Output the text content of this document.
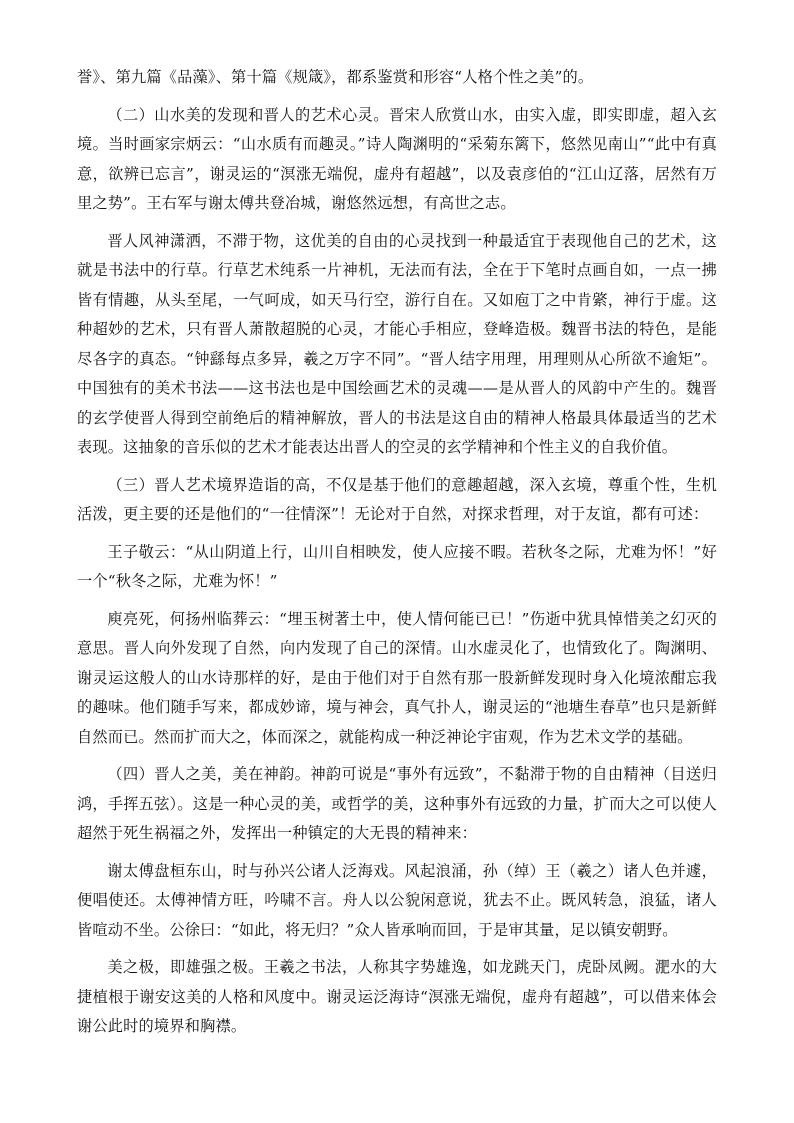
誉》、第九篇《品藻》、第十篇《规箴》，都系鉴赏和形容“人格个性之美”的。

（二）山水美的发现和晋人的艺术心灵。晋宋人欣赏山水，由实入虚，即实即虚，超入玄境。当时画家宗炳云：“山水质有而趣灵。”诗人陶渊明的“采菊东篱下，悠然见南山”“此中有真意，欲辨已忘言”，谢灵运的“溟涨无端倪，虚舟有超越”，以及袁彦伯的“江山辽落，居然有万里之势”。王右军与谢太傅共登冶城，谢悠然远想，有高世之志。

晋人风神潇洒，不滞于物，这优美的自由的心灵找到一种最适宜于表现他自己的艺术，这就是书法中的行草。行草艺术纯系一片神机，无法而有法，全在于下笔时点画自如，一点一拂皆有情趣，从头至尾，一气呵成，如天马行空，游行自在。又如庖丁之中肯綮，神行于虚。这种超妙的艺术，只有晋人萧散超脱的心灵，才能心手相应，登峰造极。魏晋书法的特色，是能尽各字的真态。“钟繇每点多异，羲之万字不同”。“晋人结字用理，用理则从心所欲不逾矩”。中国独有的美术书法——这书法也是中国绘画艺术的灵魂——是从晋人的风韵中产生的。魏晋的玄学使晋人得到空前绝后的精神解放，晋人的书法是这自由的精神人格最具体最适当的艺术表现。这抽象的音乐似的艺术才能表达出晋人的空灵的玄学精神和个性主义的自我价值。

（三）晋人艺术境界造诣的高，不仅是基于他们的意趣超越，深入玄境，尊重个性，生机活泼，更主要的还是他们的“一往情深”！无论对于自然，对探求哲理，对于友谊，都有可述：

王子敬云：“从山阴道上行，山川自相映发，使人应接不暇。若秋冬之际，尤难为怀！”好一个“秋冬之际，尤难为怀！”

庾亮死，何扬州临葬云：“埋玉树著土中，使人情何能已已！”伤逝中犹具悼惜美之幻灭的意思。晋人向外发现了自然，向内发现了自己的深情。山水虚灵化了，也情致化了。陶渊明、谢灵运这般人的山水诗那样的好，是由于他们对于自然有那一股新鲜发现时身入化境浓酣忘我的趣味。他们随手写来，都成妙谛，境与神会，真气扑人，谢灵运的“池塘生春草”也只是新鲜自然而已。然而扩而大之，体而深之，就能构成一种泛神论宇宙观，作为艺术文学的基础。

（四）晋人之美，美在神韵。神韵可说是“事外有远致”，不黏滞于物的自由精神（目送归鸿，手挥五弦）。这是一种心灵的美，或哲学的美，这种事外有远致的力量，扩而大之可以使人超然于死生祸福之外，发挥出一种镇定的大无畏的精神来：

谢太傅盘桓东山，时与孙兴公诸人泛海戏。风起浪涌，孙（绰）王（羲之）诸人色并遽，便唱使还。太傅神情方旺，吟啸不言。舟人以公貌闲意说，犹去不止。既风转急，浪猛，诸人皆喧动不坐。公徐曰：“如此，将无归？”众人皆承响而回，于是审其量，足以镇安朝野。

美之极，即雄强之极。王羲之书法，人称其字势雄逸，如龙跳天门，虎卧凤阙。淝水的大捷植根于谢安这美的人格和风度中。谢灵运泛海诗“溟涨无端倪，虚舟有超越”，可以借来体会谢公此时的境界和胸襟。
